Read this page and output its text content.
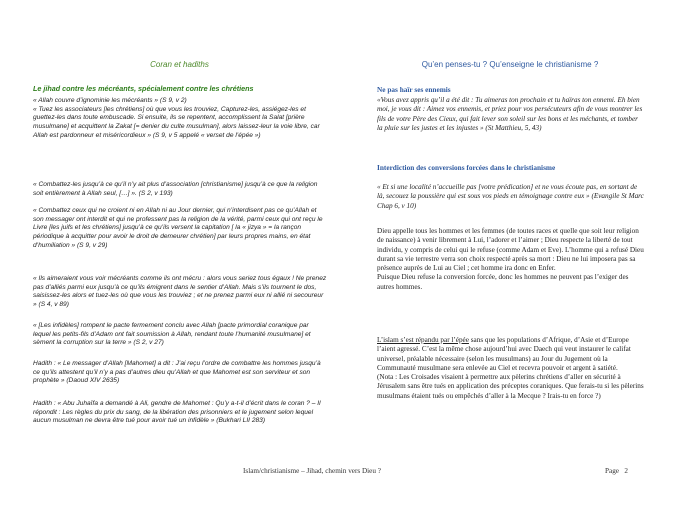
Coran et hadiths
Le jihad contre les mécréants, spécialement contre les chrétiens

« Allah couvre d’ignominie les mécréants » (S 9, v 2)
« Tuez les associateurs [les chrétiens] où que vous les trouviez, Capturez-les, assiégez-les et guettez-les dans toute embuscade. Si ensuite, ils se repentent, accomplissent la Salat [prière musulmane] et acquittent la Zakat [= denier du culte musulman], alors laissez-leur la voie libre, car Allah est pardonneur et miséricordieux » (S 9, v 5 appelé « verset de l’épée »)

« Combattez-les jusqu’à ce qu’il n’y ait plus d’association [christianisme] jusqu’à ce que la religion soit entièrement à Allah seul, […] ». (S 2, v 193)

« Combattez ceux qui ne croient ni en Allah ni au Jour dernier, qui n’interdisent pas ce qu’Allah et son messager ont interdit et qui ne professent pas la religion de la vérité, parmi ceux qui ont reçu le Livre [les juifs et les chrétiens] jusqu’à ce qu’ils versent la capitation [ la « jizya » = la rançon périodique à acquitter pour avoir le droit de demeurer chrétien] par leurs propres mains, en état d’humiliation » (S 9, v 29)

« Ils aimeraient vous voir mécréants comme ils ont mécru : alors vous seriez tous égaux ! Ne prenez pas d’alliés parmi eux jusqu’à ce qu’ils émigrent dans le sentier d’Allah. Mais s’ils tournent le dos, saisissez-les alors et tuez-les où que vous les trouviez ; et ne prenez parmi eux ni allié ni secoureur » (S 4, v 89)

« [Les infidèles] rompent le pacte fermement conclu avec Allah [pacte primordial coranique par lequel les petits-fils d’Adam ont fait soumission à Allah, rendant toute l’humanité musulmane] et sèment la corruption sur la terre » (S 2, v 27)

Hadith : « Le messager d’Allah [Mahomet] a dit : J’ai reçu l’ordre de combattre les hommes jusqu’à ce qu’ils attestent qu’il n’y a pas d’autres dieu qu’Allah et que Mahomet est son serviteur et son prophète » (Daoud XIV 2635)

Hadith : « Abu Juhaïfa a demandé à Ali, gendre de Mahomet : Qu’y a-t-il d’écrit dans le coran ? – Il répondit : Les règles du prix du sang, de la libération des prisonniers et le jugement selon lequel aucun musulman ne devra être tué pour avoir tué un infidèle » (Bukhari LII 283)

Qu’en penses-tu ? Qu’enseigne le christianisme ?
Ne pas haïr ses ennemis

«Vous avez appris qu’il a été dit : Tu aimeras ton prochain et tu haïras ton ennemi. Eh bien moi, je vous dit : Aimez vos ennemis, et priez pour vos persécuteurs afin de vous montrer les fils de votre Père des Cieux, qui fait lever son soleil sur les bons et les méchants, et tomber la pluie sur les justes et les injustes » (St Matthieu, 5, 43)

Interdiction des conversions forcées dans le christianisme

« Et si une localité n’accueille pas [votre prédication] et ne vous écoute pas, en sortant de là, secouez la poussière qui est sous vos pieds en témoignage contre eux » (Evangile St Marc Chap 6, v 10)

Dieu appelle tous les hommes et les femmes (de toutes races et quelle que soit leur religion de naissance) à venir librement à Lui, l’adorer et l’aimer ; Dieu respecte la liberté de tout individu, y compris de celui qui le refuse (comme Adam et Eve). L’homme qui a refusé Dieu durant sa vie terrestre verra son choix respecté après sa mort : Dieu ne lui imposera pas sa présence auprès de Lui au Ciel ; cet homme ira donc en Enfer.
Puisque Dieu refuse la conversion forcée, donc les hommes ne peuvent pas l’exiger des autres hommes.

L’islam s’est répandu par l’épée sans que les populations d’Afrique, d’Asie et d’Europe l’aient agressé. C’est la même chose aujourd’hui avec Daech qui veut instaurer le califat universel, préalable nécessaire (selon les musulmans) au Jour du Jugement où la Communauté musulmane sera enlevée au Ciel et recevra pouvoir et argent à satiété.
(Nota : Les Croisades visaient à permettre aux pèlerins chrétiens d’aller en sécurité à Jérusalem sans être tués en application des préceptes coraniques. Que ferais-tu si les pèlerins musulmans étaient tués ou empêchés d’aller à la Mecque ? Irais-tu en force ?)

Islam/christianisme – Jihad, chemin vers Dieu ?	Page 2
